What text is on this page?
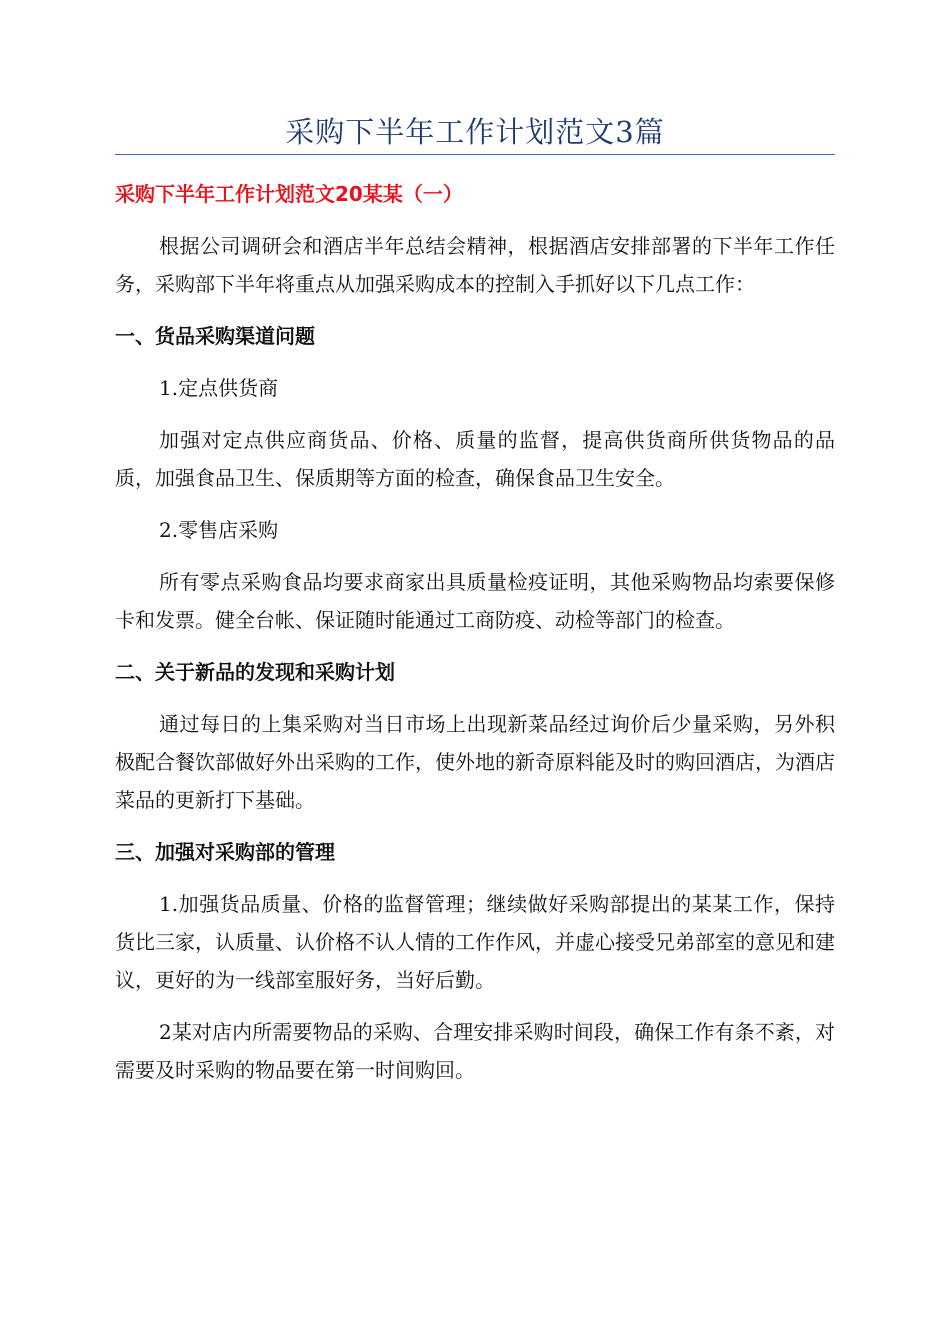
采购下半年工作计划范文3篇
采购下半年工作计划范文20某某（一）

根据公司调研会和酒店半年总结会精神，根据酒店安排部署的下半年工作任务，采购部下半年将重点从加强采购成本的控制入手抓好以下几点工作：

一、货品采购渠道问题

1.定点供货商

加强对定点供应商货品、价格、质量的监督，提高供货商所供货物品的品质，加强食品卫生、保质期等方面的检查，确保食品卫生安全。

2.零售店采购

所有零点采购食品均要求商家出具质量检疫证明，其他采购物品均索要保修卡和发票。健全台帐、保证随时能通过工商防疫、动检等部门的检查。

二、关于新品的发现和采购计划

通过每日的上集采购对当日市场上出现新菜品经过询价后少量采购，另外积极配合餐饮部做好外出采购的工作，使外地的新奇原料能及时的购回酒店，为酒店菜品的更新打下基础。

三、加强对采购部的管理

1.加强货品质量、价格的监督管理；继续做好采购部提出的某某工作，保持货比三家，认质量、认价格不认人情的工作作风，并虚心接受兄弟部室的意见和建议，更好的为一线部室服好务，当好后勤。

2某对店内所需要物品的采购、合理安排采购时间段，确保工作有条不紊，对需要及时采购的物品要在第一时间购回。
